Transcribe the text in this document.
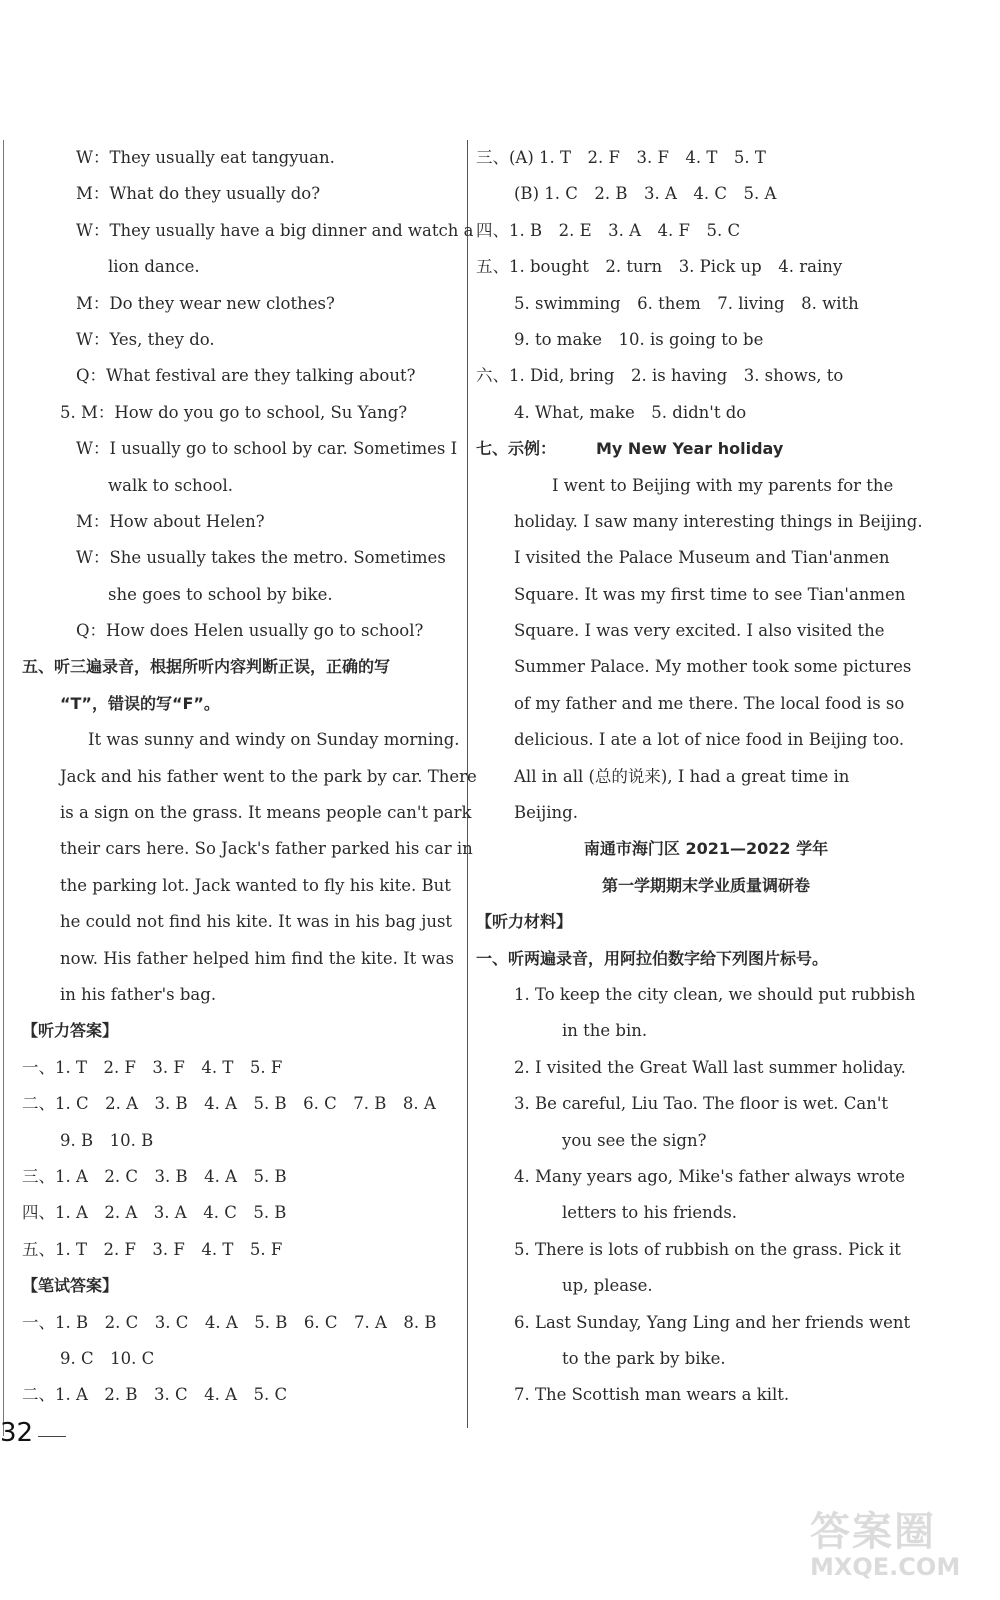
W：They usually eat tangyuan.
M：What do they usually do?
W：They usually have a big dinner and watch a
lion dance.
M：Do they wear new clothes?
W：Yes, they do.
Q：What festival are they talking about?
5. M：How do you go to school, Su Yang?
W：I usually go to school by car. Sometimes I
walk to school.
M：How about Helen?
W：She usually takes the metro. Sometimes
she goes to school by bike.
Q：How does Helen usually go to school?
五、听三遍录音，根据所听内容判断正误，正确的写
“T”，错误的写“F”。
It was sunny and windy on Sunday morning.
Jack and his father went to the park by car. There
is a sign on the grass. It means people can't park
their cars here. So Jack's father parked his car in
the parking lot. Jack wanted to fly his kite. But
he could not find his kite. It was in his bag just
now. His father helped him find the kite. It was
in his father's bag.
【听力答案】
一、1. T　2. F　3. F　4. T　5. F
二、1. C　2. A　3. B　4. A　5. B　6. C　7. B　8. A
9. B　10. B
三、1. A　2. C　3. B　4. A　5. B
四、1. A　2. A　3. A　4. C　5. B
五、1. T　2. F　3. F　4. T　5. F
【笔试答案】
一、1. B　2. C　3. C　4. A　5. B　6. C　7. A　8. B
9. C　10. C
二、1. A　2. B　3. C　4. A　5. C
三、(A) 1. T　2. F　3. F　4. T　5. T
(B) 1. C　2. B　3. A　4. C　5. A
四、1. B　2. E　3. A　4. F　5. C
五、1. bought　2. turn　3. Pick up　4. rainy
5. swimming　6. them　7. living　8. with
9. to make　10. is going to be
六、1. Did, bring　2. is having　3. shows, to
4. What, make　5. didn't do
七、示例：　　　My New Year holiday
I went to Beijing with my parents for the
holiday. I saw many interesting things in Beijing.
I visited the Palace Museum and Tian'anmen
Square. It was my first time to see Tian'anmen
Square. I was very excited. I also visited the
Summer Palace. My mother took some pictures
of my father and me there. The local food is so
delicious. I ate a lot of nice food in Beijing too.
All in all (总的说来), I had a great time in
Beijing.
南通市海门区 2021—2022 学年
第一学期期末学业质量调研卷
【听力材料】
一、听两遍录音，用阿拉伯数字给下列图片标号。
1. To keep the city clean, we should put rubbish
in the bin.
2. I visited the Great Wall last summer holiday.
3. Be careful, Liu Tao. The floor is wet. Can't
you see the sign?
4. Many years ago, Mike's father always wrote
letters to his friends.
5. There is lots of rubbish on the grass. Pick it
up, please.
6. Last Sunday, Yang Ling and her friends went
to the park by bike.
7. The Scottish man wears a kilt.
32
答案圈
MXQE.COM
